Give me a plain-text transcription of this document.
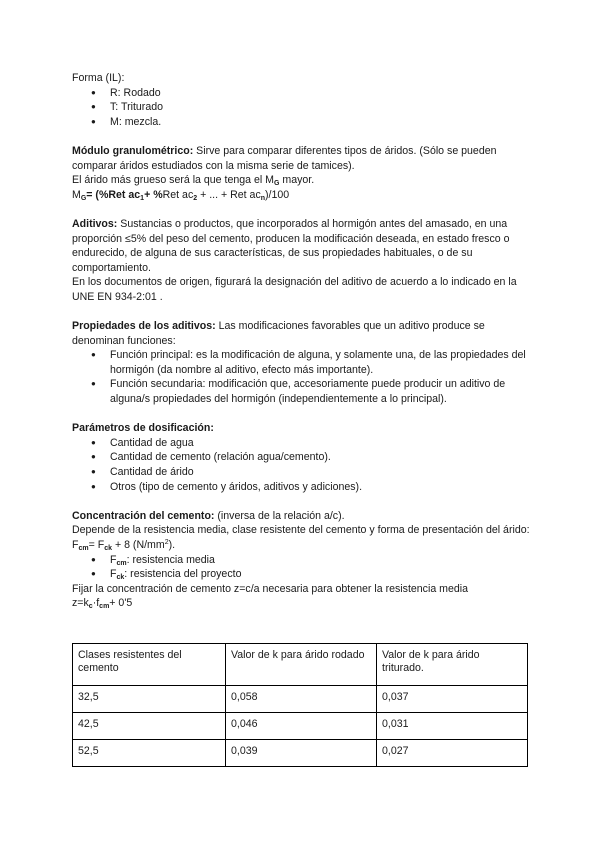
Forma (IL):

● R: Rodado
● T: Triturado
● M: mezcla.

Módulo granulométrico: Sirve para comparar diferentes tipos de áridos. (Sólo se pueden comparar áridos estudiados con la misma serie de tamices).

El árido más grueso será la que tenga el $M_G$ mayor.

$M_G= (\%Ret$ $ac_1+ \%Ret$ $ac_2$ + ... + Ret $ac_n)/100$

Aditivos: Sustancias o productos, que incorporados al hormigón antes del amasado, en una proporción ≤5% del peso del cemento, producen la modificación deseada, en estado fresco o endurecido, de alguna de sus características, de sus propiedades habituales, o de su comportamiento.

En los documentos de origen, figurará la designación del aditivo de acuerdo a lo indicado en la UNE EN 934-2:01 .

Propiedades de los aditivos: Las modificaciones favorables que un aditivo produce se denominan funciones:

● Función principal: es la modificación de alguna, y solamente una, de las propiedades del hormigón (da nombre al aditivo, efecto más importante).
● Función secundaria: modificación que, accesoriamente puede producir un aditivo de alguna/s propiedades del hormigón (independientemente a lo principal).

Parámetros de dosificación:

● Cantidad de agua
● Cantidad de cemento (relación agua/cemento).
● Cantidad de árido
● Otros (tipo de cemento y áridos, aditivos y adiciones).

Concentración del cemento: (inversa de la relación a/c).

Depende de la resistencia media, clase resistente del cemento y forma de presentación del árido: $F_{cm}= F_{ck} + 8$ $(N/mm^2)$.

● $F_{cm}$: resistencia media
● $F_{ck}$: resistencia del proyecto

Fijar la concentración de cemento z=c/a necesaria para obtener la resistencia media

$z=k_c\cdot f_{cm}+ 0'5$

Clases resistentes del cemento	Valor de k para árido rodado	Valor de k para árido triturado.
32,5	0,058	0,037
42,5	0,046	0,031
52,5	0,039	0,027
